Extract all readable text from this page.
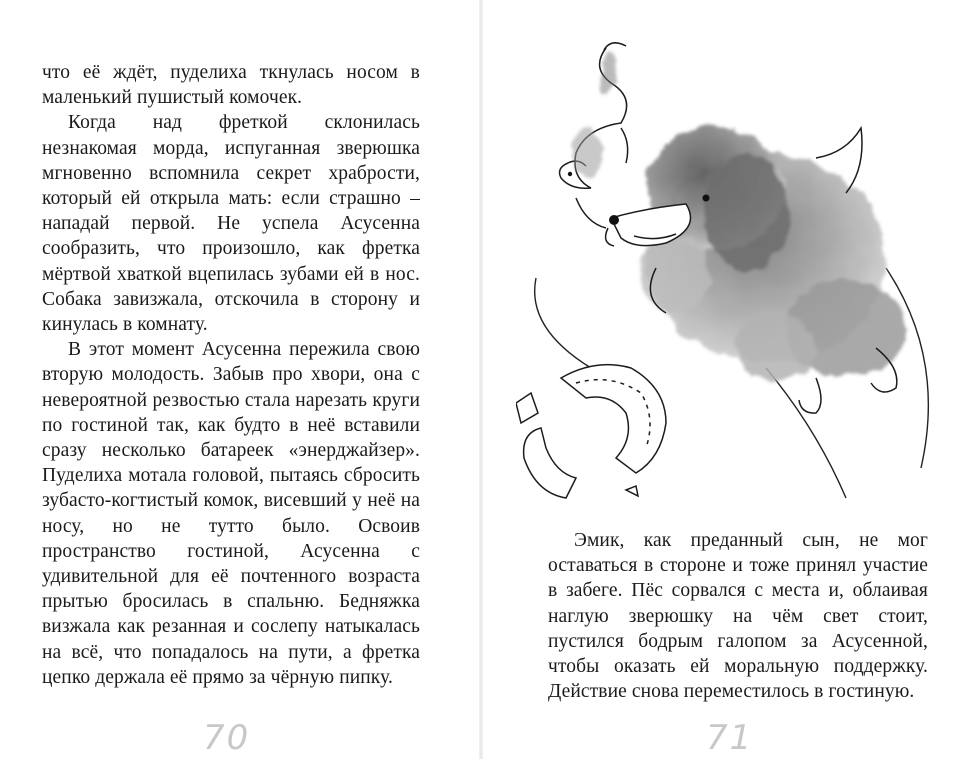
что её ждёт, пуделиха ткнулась носом в маленький пушистый комочек.

Когда над фреткой склонилась незнакомая морда, испуганная зверюшка мгновенно вспомнила секрет храбрости, который ей открыла мать: если страшно – нападай первой. Не успела Асусенна сообразить, что произошло, как фретка мёртвой хваткой вцепилась зубами ей в нос. Собака завизжала, отскочила в сторону и кинулась в комнату.

В этот момент Асусенна пережила свою вторую молодость. Забыв про хвори, она с невероятной резвостью стала нарезать круги по гостиной так, как будто в неё вставили сразу несколько батареек «энерджайзер». Пуделиха мотала головой, пытаясь сбросить зубасто-когтистый комок, висевший у неё на носу, но не тутто было. Освоив пространство гостиной, Асусенна с удивительной для её почтенного возраста прытью бросилась в спальню. Бедняжка визжала как резанная и сослепу натыкалась на всё, что попадалось на пути, а фретка цепко держала её прямо за чёрную пипку.

70

Эмик, как преданный сын, не мог оставаться в стороне и тоже принял участие в забеге. Пёс сорвался с места и, облаивая наглую зверюшку на чём свет стоит, пустился бодрым галопом за Асусенной, чтобы оказать ей моральную поддержку. Действие снова переместилось в гостиную.

71
